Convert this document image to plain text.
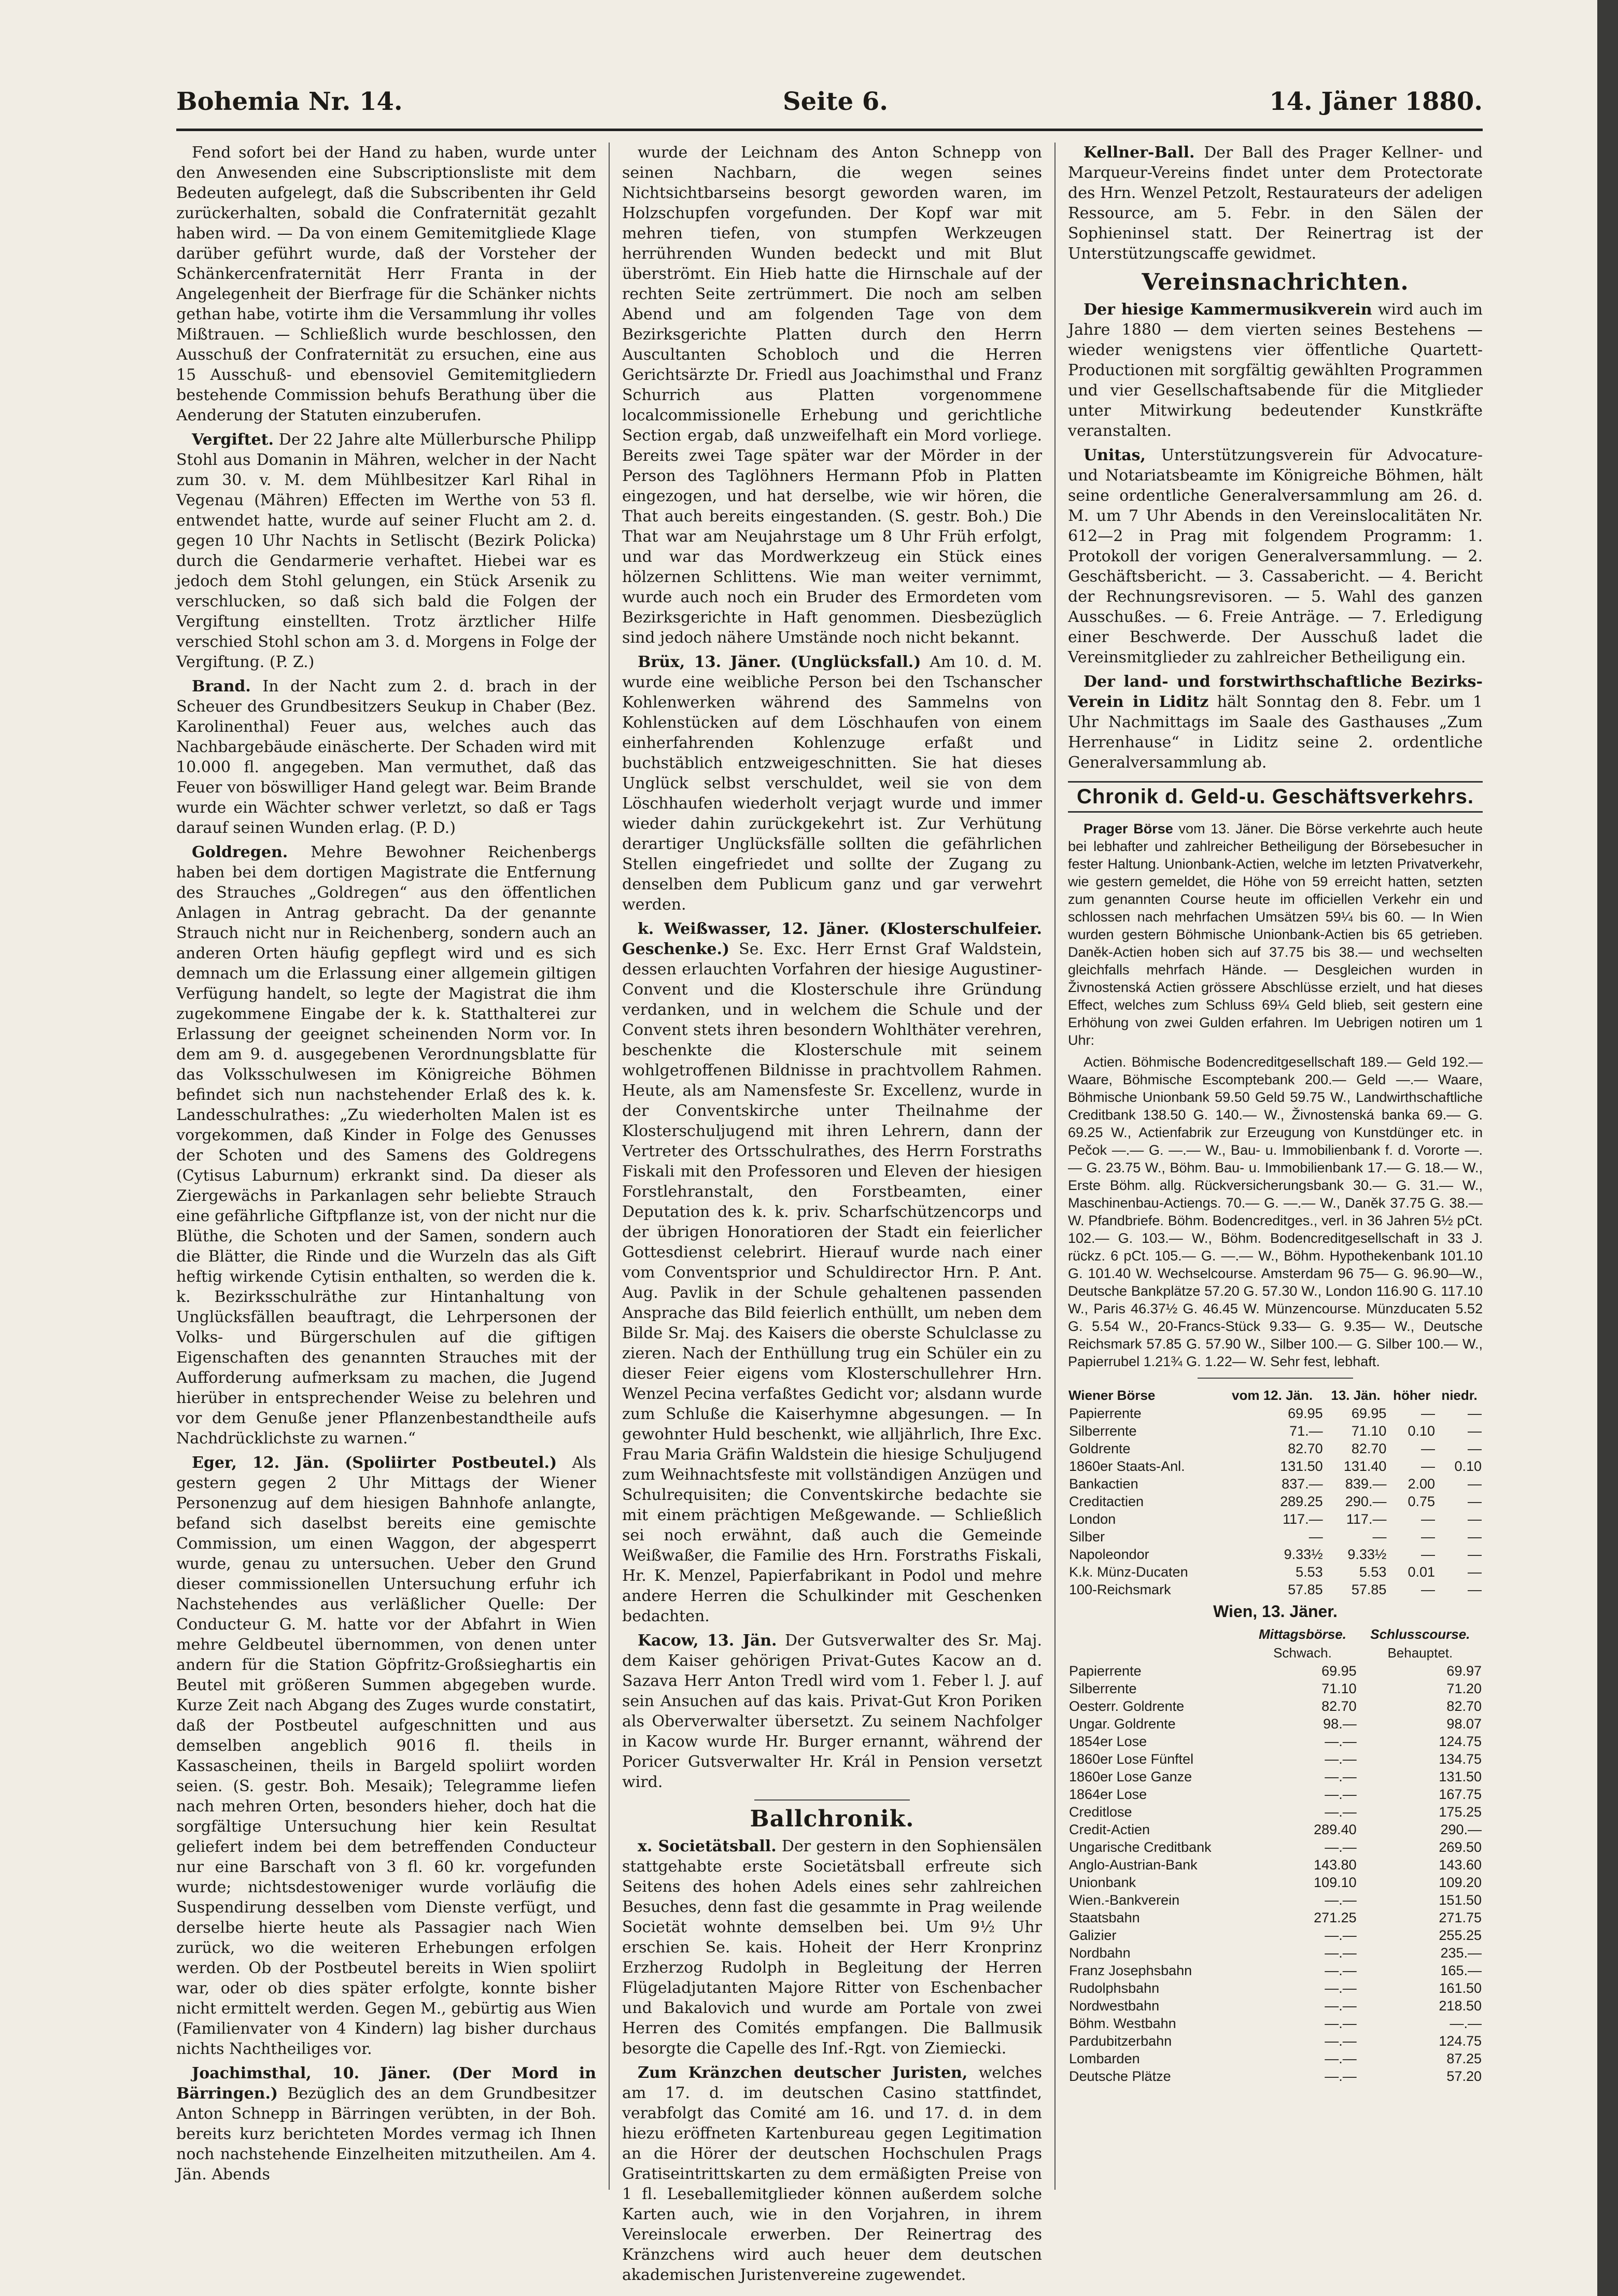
Bohemia Nr. 14.	Seite 6.	14. Jäner 1880.

Fend sofort bei der Hand zu haben, wurde unter den Anwesenden eine Subscriptionsliste mit dem Bedeuten aufgelegt, daß die Subscribenten ihr Geld zurückerhalten, sobald die Confraternität gezahlt haben wird. — Da von einem Gemitemitgliede Klage darüber geführt wurde, daß der Vorsteher der Schänkercenfraternität Herr Franta in der Angelegenheit der Bierfrage für die Schänker nichts gethan habe, votirte ihm die Versammlung ihr volles Mißtrauen. — Schließlich wurde beschlossen, den Ausschuß der Confraternität zu ersuchen, eine aus 15 Ausschuß- und ebensoviel Gemitemitgliedern bestehende Commission behufs Berathung über die Aenderung der Statuten einzuberufen.

Vergiftet. Der 22 Jahre alte Müllerbursche Philipp Stohl aus Domanin in Mähren, welcher in der Nacht zum 30. v. M. dem Mühlbesitzer Karl Rihal in Vegenau (Mähren) Effecten im Werthe von 53 fl. entwendet hatte, wurde auf seiner Flucht am 2. d. gegen 10 Uhr Nachts in Setlischt (Bezirk Policka) durch die Gendarmerie verhaftet. Hiebei war es jedoch dem Stohl gelungen, ein Stück Arsenik zu verschlucken, so daß sich bald die Folgen der Vergiftung einstellten. Trotz ärztlicher Hilfe verschied Stohl schon am 3. d. Morgens in Folge der Vergiftung. (P. Z.)

Brand. In der Nacht zum 2. d. brach in der Scheuer des Grundbesitzers Seukup in Chaber (Bez. Karolinenthal) Feuer aus, welches auch das Nachbargebäude einäscherte. Der Schaden wird mit 10.000 fl. angegeben. Man vermuthet, daß das Feuer von böswilliger Hand gelegt war. Beim Brande wurde ein Wächter schwer verletzt, so daß er Tags darauf seinen Wunden erlag. (P. D.)

Goldregen. Mehre Bewohner Reichenbergs haben bei dem dortigen Magistrate die Entfernung des Strauches „Goldregen“ aus den öffentlichen Anlagen in Antrag gebracht. Da der genannte Strauch nicht nur in Reichenberg, sondern auch an anderen Orten häufig gepflegt wird und es sich demnach um die Erlassung einer allgemein giltigen Verfügung handelt, so legte der Magistrat die ihm zugekommene Eingabe der k. k. Statthalterei zur Erlassung der geeignet scheinenden Norm vor. In dem am 9. d. ausgegebenen Verordnungsblatte für das Volksschulwesen im Königreiche Böhmen befindet sich nun nachstehender Erlaß des k. k. Landesschulrathes: „Zu wiederholten Malen ist es vorgekommen, daß Kinder in Folge des Genusses der Schoten und des Samens des Goldregens (Cytisus Laburnum) erkrankt sind. Da dieser als Ziergewächs in Parkanlagen sehr beliebte Strauch eine gefährliche Giftpflanze ist, von der nicht nur die Blüthe, die Schoten und der Samen, sondern auch die Blätter, die Rinde und die Wurzeln das als Gift heftig wirkende Cytisin enthalten, so werden die k. k. Bezirksschulräthe zur Hintanhaltung von Unglücksfällen beauftragt, die Lehrpersonen der Volks- und Bürgerschulen auf die giftigen Eigenschaften des genannten Strauches mit der Aufforderung aufmerksam zu machen, die Jugend hierüber in entsprechender Weise zu belehren und vor dem Genuße jener Pflanzenbestandtheile aufs Nachdrücklichste zu warnen.“

Eger, 12. Jän. (Spoliirter Postbeutel.) Als gestern gegen 2 Uhr Mittags der Wiener Personenzug auf dem hiesigen Bahnhofe anlangte, befand sich daselbst bereits eine gemischte Commission, um einen Waggon, der abgesperrt wurde, genau zu untersuchen. Ueber den Grund dieser commissionellen Untersuchung erfuhr ich Nachstehendes aus verläßlicher Quelle: Der Conducteur G. M. hatte vor der Abfahrt in Wien mehre Geldbeutel übernommen, von denen unter andern für die Station Göpfritz-Großsieghartis ein Beutel mit größeren Summen abgegeben wurde. Kurze Zeit nach Abgang des Zuges wurde constatirt, daß der Postbeutel aufgeschnitten und aus demselben angeblich 9016 fl. theils in Kassascheinen, theils in Bargeld spoliirt worden seien. (S. gestr. Boh. Mesaik); Telegramme liefen nach mehren Orten, besonders hieher, doch hat die sorgfältige Untersuchung hier kein Resultat geliefert indem bei dem betreffenden Conducteur nur eine Barschaft von 3 fl. 60 kr. vorgefunden wurde; nichtsdestoweniger wurde vorläufig die Suspendirung desselben vom Dienste verfügt, und derselbe hierte heute als Passagier nach Wien zurück, wo die weiteren Erhebungen erfolgen werden. Ob der Postbeutel bereits in Wien spoliirt war, oder ob dies später erfolgte, konnte bisher nicht ermittelt werden. Gegen M., gebürtig aus Wien (Familienvater von 4 Kindern) lag bisher durchaus nichts Nachtheiliges vor.

Joachimsthal, 10. Jäner. (Der Mord in Bärringen.) Bezüglich des an dem Grundbesitzer Anton Schnepp in Bärringen verübten, in der Boh. bereits kurz berichteten Mordes vermag ich Ihnen noch nachstehende Einzelheiten mitzutheilen. Am 4. Jän. Abends

wurde der Leichnam des Anton Schnepp von seinen Nachbarn, die wegen seines Nichtsichtbarseins besorgt geworden waren, im Holzschupfen vorgefunden. Der Kopf war mit mehren tiefen, von stumpfen Werkzeugen herrührenden Wunden bedeckt und mit Blut überströmt. Ein Hieb hatte die Hirnschale auf der rechten Seite zertrümmert. Die noch am selben Abend und am folgenden Tage von dem Bezirksgerichte Platten durch den Herrn Auscultanten Schobloch und die Herren Gerichtsärzte Dr. Friedl aus Joachimsthal und Franz Schurrich aus Platten vorgenommene localcommissionelle Erhebung und gerichtliche Section ergab, daß unzweifelhaft ein Mord vorliege. Bereits zwei Tage später war der Mörder in der Person des Taglöhners Hermann Pfob in Platten eingezogen, und hat derselbe, wie wir hören, die That auch bereits eingestanden. (S. gestr. Boh.) Die That war am Neujahrstage um 8 Uhr Früh erfolgt, und war das Mordwerkzeug ein Stück eines hölzernen Schlittens. Wie man weiter vernimmt, wurde auch noch ein Bruder des Ermordeten vom Bezirksgerichte in Haft genommen. Diesbezüglich sind jedoch nähere Umstände noch nicht bekannt.

Brüx, 13. Jäner. (Unglücksfall.) Am 10. d. M. wurde eine weibliche Person bei den Tschanscher Kohlenwerken während des Sammelns von Kohlenstücken auf dem Löschhaufen von einem einherfahrenden Kohlenzuge erfaßt und buchstäblich entzweigeschnitten. Sie hat dieses Unglück selbst verschuldet, weil sie von dem Löschhaufen wiederholt verjagt wurde und immer wieder dahin zurückgekehrt ist. Zur Verhütung derartiger Unglücksfälle sollten die gefährlichen Stellen eingefriedet und sollte der Zugang zu denselben dem Publicum ganz und gar verwehrt werden.

k. Weißwasser, 12. Jäner. (Klosterschulfeier. Geschenke.) Se. Exc. Herr Ernst Graf Waldstein, dessen erlauchten Vorfahren der hiesige Augustiner-Convent und die Klosterschule ihre Gründung verdanken, und in welchem die Schule und der Convent stets ihren besondern Wohlthäter verehren, beschenkte die Klosterschule mit seinem wohlgetroffenen Bildnisse in prachtvollem Rahmen. Heute, als am Namensfeste Sr. Excellenz, wurde in der Conventskirche unter Theilnahme der Klosterschuljugend mit ihren Lehrern, dann der Vertreter des Ortsschulrathes, des Herrn Forstraths Fiskali mit den Professoren und Eleven der hiesigen Forstlehranstalt, den Forstbeamten, einer Deputation des k. k. priv. Scharfschützencorps und der übrigen Honoratioren der Stadt ein feierlicher Gottesdienst celebrirt. Hierauf wurde nach einer vom Conventsprior und Schuldirector Hrn. P. Ant. Aug. Pavlik in der Schule gehaltenen passenden Ansprache das Bild feierlich enthüllt, um neben dem Bilde Sr. Maj. des Kaisers die oberste Schulclasse zu zieren. Nach der Enthüllung trug ein Schüler ein zu dieser Feier eigens vom Klosterschullehrer Hrn. Wenzel Pecina verfaßtes Gedicht vor; alsdann wurde zum Schluße die Kaiserhymne abgesungen. — In gewohnter Huld beschenkt, wie alljährlich, Ihre Exc. Frau Maria Gräfin Waldstein die hiesige Schuljugend zum Weihnachtsfeste mit vollständigen Anzügen und Schulrequisiten; die Conventskirche bedachte sie mit einem prächtigen Meßgewande. — Schließlich sei noch erwähnt, daß auch die Gemeinde Weißwaßer, die Familie des Hrn. Forstraths Fiskali, Hr. K. Menzel, Papierfabrikant in Podol und mehre andere Herren die Schulkinder mit Geschenken bedachten.

Kacow, 13. Jän. Der Gutsverwalter des Sr. Maj. dem Kaiser gehörigen Privat-Gutes Kacow an d. Sazava Herr Anton Tredl wird vom 1. Feber l. J. auf sein Ansuchen auf das kais. Privat-Gut Kron Poriken als Oberverwalter übersetzt. Zu seinem Nachfolger in Kacow wurde Hr. Burger ernannt, während der Poricer Gutsverwalter Hr. Král in Pension versetzt wird.

Ballchronik.

x. Societätsball. Der gestern in den Sophiensälen stattgehabte erste Societätsball erfreute sich Seitens des hohen Adels eines sehr zahlreichen Besuches, denn fast die gesammte in Prag weilende Societät wohnte demselben bei. Um 9½ Uhr erschien Se. kais. Hoheit der Herr Kronprinz Erzherzog Rudolph in Begleitung der Herren Flügeladjutanten Majore Ritter von Eschenbacher und Bakalovich und wurde am Portale von zwei Herren des Comités empfangen. Die Ballmusik besorgte die Capelle des Inf.-Rgt. von Ziemiecki.

Zum Kränzchen deutscher Juristen, welches am 17. d. im deutschen Casino stattfindet, verabfolgt das Comité am 16. und 17. d. in dem hiezu eröffneten Kartenbureau gegen Legitimation an die Hörer der deutschen Hochschulen Prags Gratiseintrittskarten zu dem ermäßigten Preise von 1 fl. Leseballemitglieder können außerdem solche Karten auch, wie in den Vorjahren, in ihrem Vereinslocale erwerben. Der Reinertrag des Kränzchens wird auch heuer dem deutschen akademischen Juristenvereine zugewendet.

Kellner-Ball. Der Ball des Prager Kellner- und Marqueur-Vereins findet unter dem Protectorate des Hrn. Wenzel Petzolt, Restaurateurs der adeligen Ressource, am 5. Febr. in den Sälen der Sophieninsel statt. Der Reinertrag ist der Unterstützungscaffe gewidmet.

Vereinsnachrichten.

Der hiesige Kammermusikverein wird auch im Jahre 1880 — dem vierten seines Bestehens — wieder wenigstens vier öffentliche Quartett-Productionen mit sorgfältig gewählten Programmen und vier Gesellschaftsabende für die Mitglieder unter Mitwirkung bedeutender Kunstkräfte veranstalten.

Unitas, Unterstützungsverein für Advocature- und Notariatsbeamte im Königreiche Böhmen, hält seine ordentliche Generalversammlung am 26. d. M. um 7 Uhr Abends in den Vereinslocalitäten Nr. 612—2 in Prag mit folgendem Programm: 1. Protokoll der vorigen Generalversammlung. — 2. Geschäftsbericht. — 3. Cassabericht. — 4. Bericht der Rechnungsrevisoren. — 5. Wahl des ganzen Ausschußes. — 6. Freie Anträge. — 7. Erledigung einer Beschwerde. Der Ausschuß ladet die Vereinsmitglieder zu zahlreicher Betheiligung ein.

Der land- und forstwirthschaftliche Bezirks-Verein in Liditz hält Sonntag den 8. Febr. um 1 Uhr Nachmittags im Saale des Gasthauses „Zum Herrenhause“ in Liditz seine 2. ordentliche Generalversammlung ab.

Chronik d. Geld-u. Geschäftsverkehrs.

Prager Börse vom 13. Jäner. Die Börse verkehrte auch heute bei lebhafter und zahlreicher Betheiligung der Börsebesucher in fester Haltung. Unionbank-Actien, welche im letzten Privatverkehr, wie gestern gemeldet, die Höhe von 59 erreicht hatten, setzten zum genannten Course heute im officiellen Verkehr ein und schlossen nach mehrfachen Umsätzen 59¼ bis 60. — In Wien wurden gestern Böhmische Unionbank-Actien bis 65 getrieben. Daněk-Actien hoben sich auf 37.75 bis 38.— und wechselten gleichfalls mehrfach Hände. — Desgleichen wurden in Živnostenská Actien grössere Abschlüsse erzielt, und hat dieses Effect, welches zum Schluss 69¼ Geld blieb, seit gestern eine Erhöhung von zwei Gulden erfahren. Im Uebrigen notiren um 1 Uhr:

Actien. Böhmische Bodencreditgesellschaft 189.— Geld 192.— Waare, Böhmische Escomptebank 200.— Geld —.— Waare, Böhmische Unionbank 59.50 Geld 59.75 W., Landwirthschaftliche Creditbank 138.50 G. 140.— W., Živnostenská banka 69.— G. 69.25 W., Actienfabrik zur Erzeugung von Kunstdünger etc. in Pečok —.— G. —.— W., Bau- u. Immobilienbank f. d. Vororte —.— G. 23.75 W., Böhm. Bau- u. Immobilienbank 17.— G. 18.— W., Erste Böhm. allg. Rückversicherungsbank 30.— G. 31.— W., Maschinenbau-Actiengs. 70.— G. —.— W., Daněk 37.75 G. 38.— W. Pfandbriefe. Böhm. Bodencreditges., verl. in 36 Jahren 5½ pCt. 102.— G. 103.— W., Böhm. Bodencreditgesellschaft in 33 J. rückz. 6 pCt. 105.— G. —.— W., Böhm. Hypothekenbank 101.10 G. 101.40 W. Wechselcourse. Amsterdam 96 75— G. 96.90—W., Deutsche Bankplätze 57.20 G. 57.30 W., London 116.90 G. 117.10 W., Paris 46.37½ G. 46.45 W. Münzencourse. Münzducaten 5.52 G. 5.54 W., 20-Francs-Stück 9.33— G. 9.35— W., Deutsche Reichsmark 57.85 G. 57.90 W., Silber 100.— G. Silber 100.— W., Papierrubel 1.21¾ G. 1.22— W. Sehr fest, lebhaft.

Wiener Börse	vom 12. Jän.	13. Jän.	höher	niedr.
Papierrente	69.95	69.95	—	—
Silberrente	71.—	71.10	0.10	—
Goldrente	82.70	82.70	—	—
1860er Staats-Anl.	131.50	131.40	—	0.10
Bankactien	837.—	839.—	2.00	—
Creditactien	289.25	290.—	0.75	—
London	117.—	117.—	—	—
Silber	—	—	—	—
Napoleondor	9.33½	9.33½	—	—
K.k. Münz-Ducaten	5.53	5.53	0.01	—
100-Reichsmark	57.85	57.85	—	—
Wien, 13. Jäner.
	Mittagsbörse.	Schlusscourse.
	Schwach.	Behauptet.
Papierrente	69.95	69.97
Silberrente	71.10	71.20
Oesterr. Goldrente	82.70	82.70
Ungar. Goldrente	98.—	98.07
1854er Lose	—.—	124.75
1860er Lose Fünftel	—.—	134.75
1860er Lose Ganze	—.—	131.50
1864er Lose	—.—	167.75
Creditlose	—.—	175.25
Credit-Actien	289.40	290.—
Ungarische Creditbank	—.—	269.50
Anglo-Austrian-Bank	143.80	143.60
Unionbank	109.10	109.20
Wien.-Bankverein	—.—	151.50
Staatsbahn	271.25	271.75
Galizier	—.—	255.25
Nordbahn	—.—	235.—
Franz Josephsbahn	—.—	165.—
Rudolphsbahn	—.—	161.50
Nordwestbahn	—.—	218.50
Böhm. Westbahn	—.—	—.—
Pardubitzerbahn	—.—	124.75
Lombarden	—.—	87.25
Deutsche Plätze	—.—	57.20
